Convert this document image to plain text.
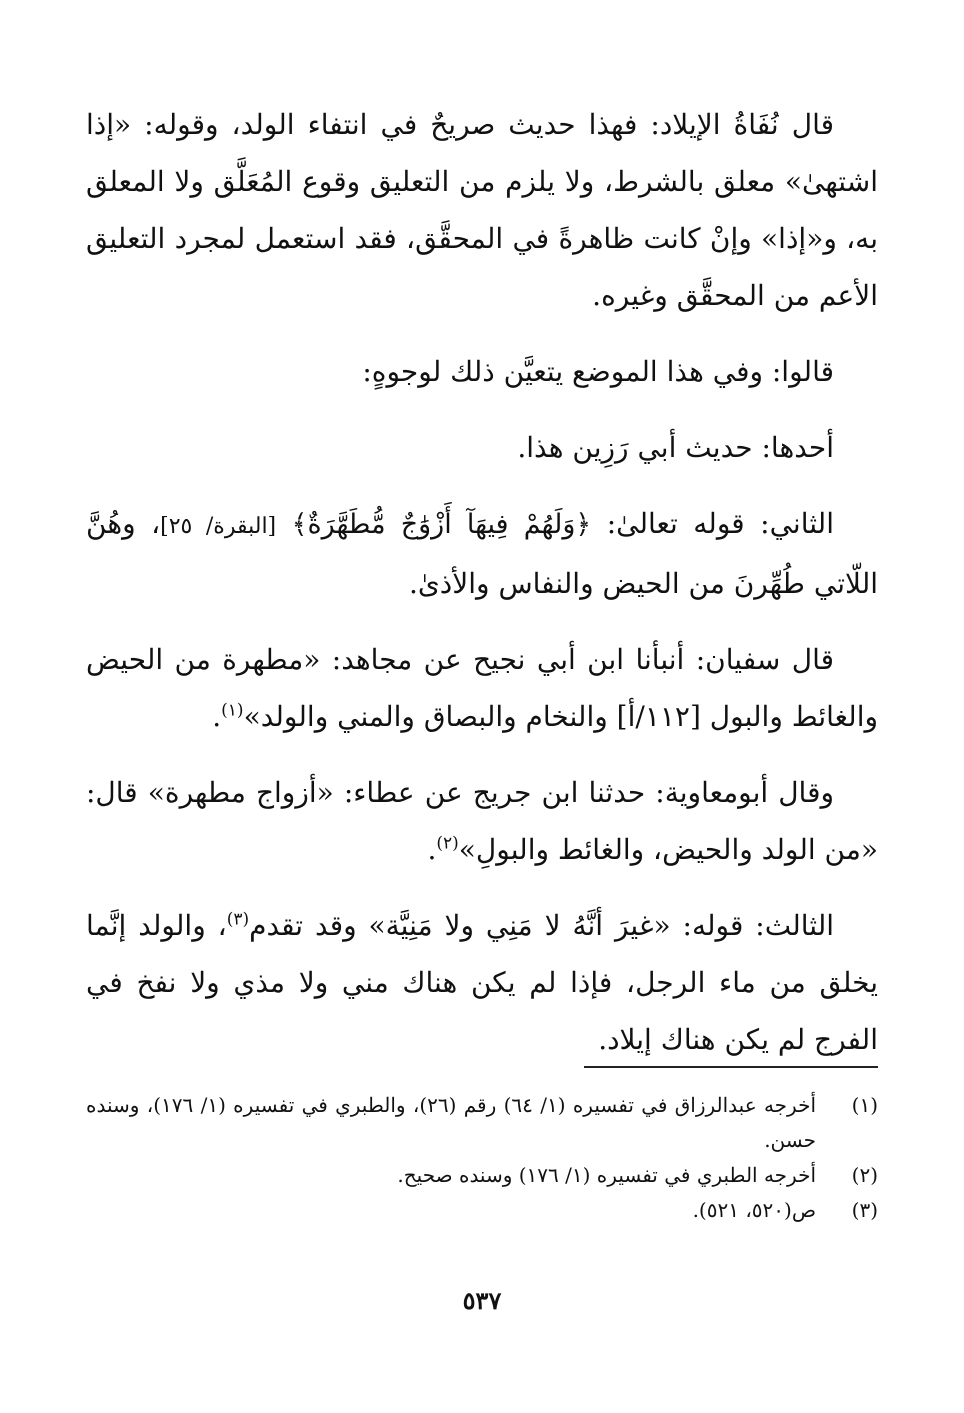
قال نُفَاةُ الإيلاد: فهذا حديث صريحٌ في انتفاء الولد، وقوله: «إذا اشتهىٰ» معلق بالشرط، ولا يلزم من التعليق وقوع المُعَلَّق ولا المعلق به، و«إذا» وإنْ كانت ظاهرةً في المحقَّق، فقد استعمل لمجرد التعليق الأعم من المحقَّق وغيره.

قالوا: وفي هذا الموضع يتعيَّن ذلك لوجوهٍ:

أحدها: حديث أبي رَزِين هذا.

الثاني: قوله تعالىٰ: ﴿وَلَهُمْ فِيهَآ أَزْوَٰجٌ مُّطَهَّرَةٌ﴾ [البقرة/ ٢٥]، وهُنَّ اللّاتي طُهِّرنَ من الحيض والنفاس والأذىٰ.

قال سفيان: أنبأنا ابن أبي نجيح عن مجاهد: «مطهرة من الحيض والغائط والبول [١١٢/أ] والنخام والبصاق والمني والولد»$^{(١)}$.

وقال أبومعاوية: حدثنا ابن جريج عن عطاء: «أزواج مطهرة» قال: «من الولد والحيض، والغائط والبولِ»$^{(٢)}$.

الثالث: قوله: «غيرَ أنَّهُ لا مَنِي ولا مَنِيَّة» وقد تقدم$^{(٣)}$، والولد إنَّما يخلق من ماء الرجل، فإذا لم يكن هناك مني ولا مذي ولا نفخ في الفرج لم يكن هناك إيلاد.

(١)
أخرجه عبدالرزاق في تفسيره (١/ ٦٤) رقم (٢٦)، والطبري في تفسيره (١/ ١٧٦)، وسنده حسن.
(٢)
أخرجه الطبري في تفسيره (١/ ١٧٦) وسنده صحيح.
(٣)
ص(٥٢٠، ٥٢١).
٥٣٧
